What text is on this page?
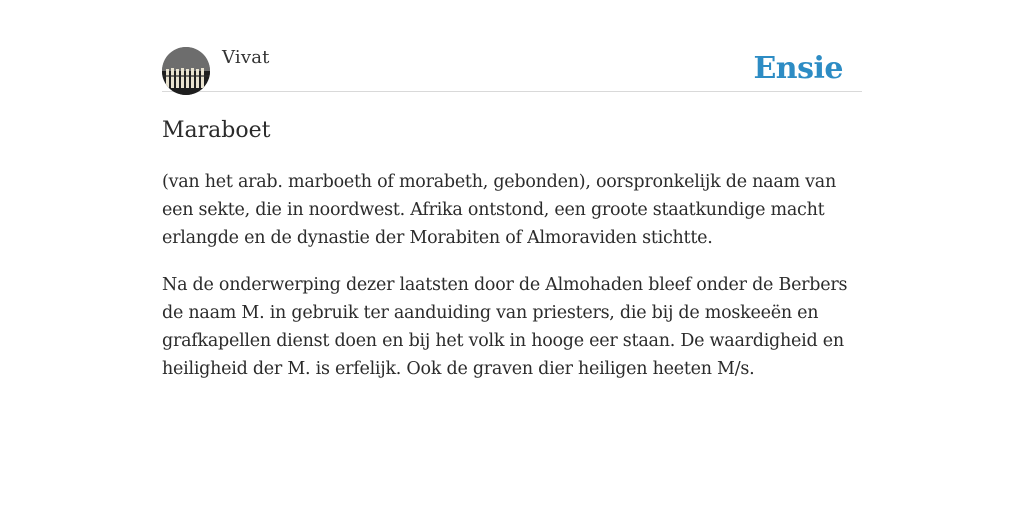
Vivat	Ensie
Maraboet

(van het arab. marboeth of morabeth, gebonden), oorspronkelijk de naam van een sekte, die in noordwest. Afrika ontstond, een groote staatkundige macht erlangde en de dynastie der Morabiten of Almoraviden stichtte.

Na de onderwerping dezer laatsten door de Almohaden bleef onder de Berbers de naam M. in gebruik ter aanduiding van priesters, die bij de moskeeën en grafkapellen dienst doen en bij het volk in hooge eer staan. De waardigheid en heiligheid der M. is erfelijk. Ook de graven dier heiligen heeten M/s.
